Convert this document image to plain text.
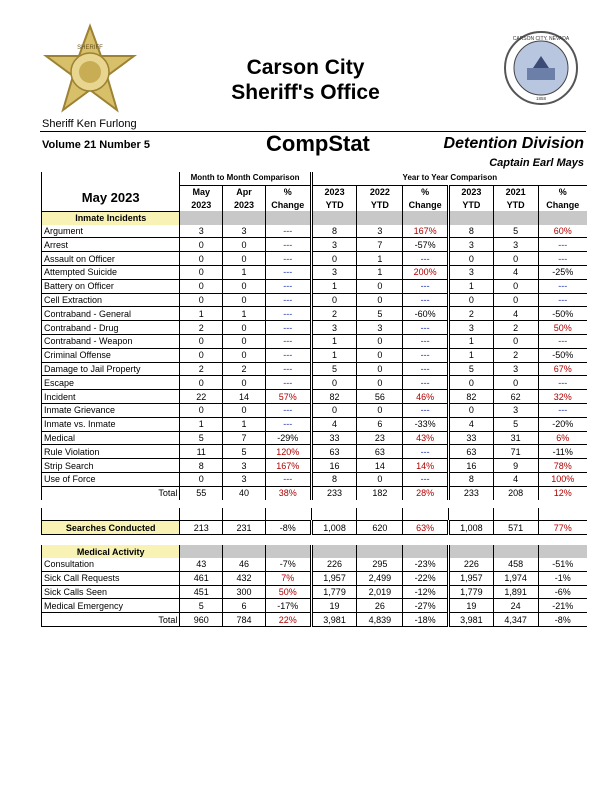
SHERIFF
CARSON CITY, NEVADA
1858
Carson City
Sheriff's Office
Sheriff Ken Furlong
Volume 21 Number 5	CompStat	Detention Division
Captain Earl Mays
	Month to Month Comparison			Year to Year Comparison					
May 2023	May	Apr	%	2023	2022	%	2023	2021	%
	2023	2023	Change	YTD	YTD	Change	YTD	YTD	Change
Inmate Incidents									
Argument	3	3	---	8	3	167%	8	5	60%
Arrest	0	0	---	3	7	-57%	3	3	---
Assault on Officer	0	0	---	0	1	---	0	0	---
Attempted Suicide	0	1	---	3	1	200%	3	4	-25%
Battery on Officer	0	0	---	1	0	---	1	0	---
Cell Extraction	0	0	---	0	0	---	0	0	---
Contraband - General	1	1	---	2	5	-60%	2	4	-50%
Contraband - Drug	2	0	---	3	3	---	3	2	50%
Contraband - Weapon	0	0	---	1	0	---	1	0	---
Criminal Offense	0	0	---	1	0	---	1	2	-50%
Damage to Jail Property	2	2	---	5	0	---	5	3	67%
Escape	0	0	---	0	0	---	0	0	---
Incident	22	14	57%	82	56	46%	82	62	32%
Inmate Grievance	0	0	---	0	0	---	0	3	---
Inmate vs. Inmate	1	1	---	4	6	-33%	4	5	-20%
Medical	5	7	-29%	33	23	43%	33	31	6%
Rule Violation	11	5	120%	63	63	---	63	71	-11%
Strip Search	8	3	167%	16	14	14%	16	9	78%
Use of Force	0	3	---	8	0	---	8	4	100%
Total	55	40	38%	233	182	28%	233	208	12%

Searches Conducted	213	231	-8%	1,008	620	63%	1,008	571	77%

Medical Activity									
Consultation	43	46	-7%	226	295	-23%	226	458	-51%
Sick Call Requests	461	432	7%	1,957	2,499	-22%	1,957	1,974	-1%
Sick Calls Seen	451	300	50%	1,779	2,019	-12%	1,779	1,891	-6%
Medical Emergency	5	6	-17%	19	26	-27%	19	24	-21%
Total	960	784	22%	3,981	4,839	-18%	3,981	4,347	-8%
